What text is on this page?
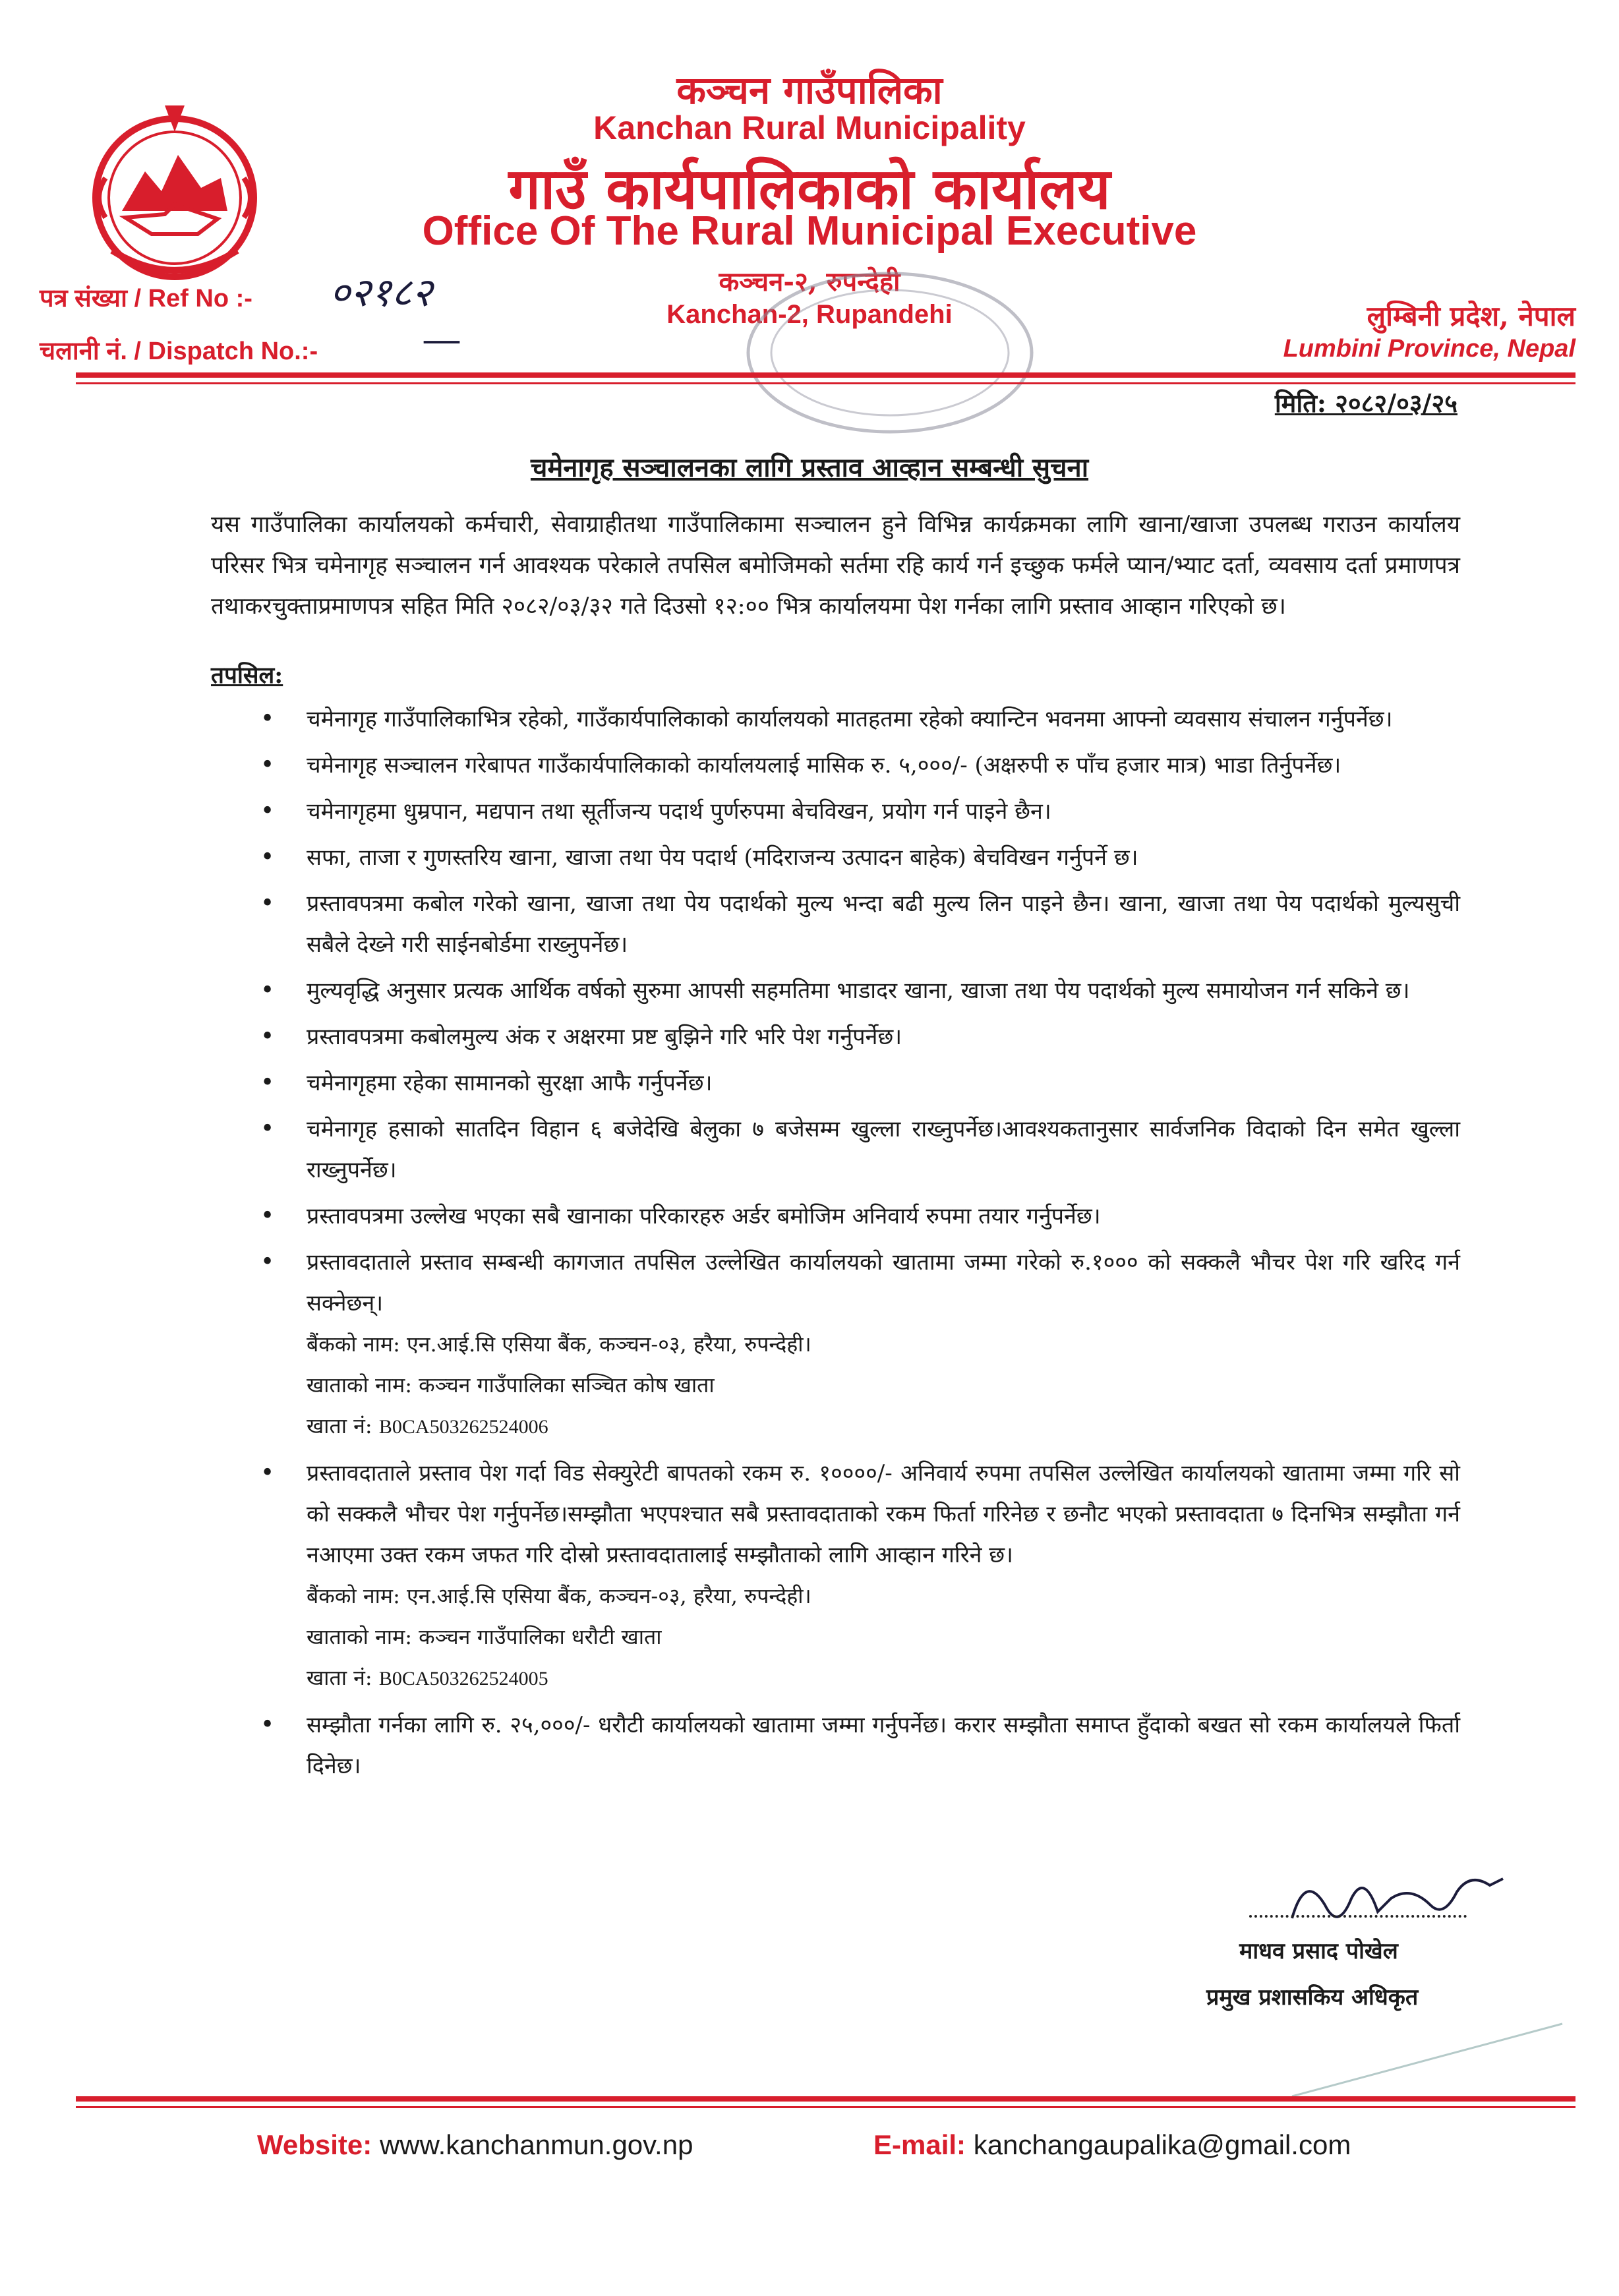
कञ्चन गाउँपालिका
Kanchan Rural Municipality
गाउँ कार्यपालिकाको कार्यालय
Office Of The Rural Municipal Executive
कञ्चन-२, रुपन्देही
Kanchan-2, Rupandehi
पत्र संख्या / Ref No :- ०२१८२
चलानी नं. / Dispatch No.:-	—
लुम्बिनी प्रदेश, नेपाल
Lumbini Province, Nepal
मिति: २०८२/०३/२५
चमेनागृह सञ्चालनका लागि प्रस्ताव आव्हान सम्बन्धी सुचना
यस गाउँपालिका कार्यालयको कर्मचारी, सेवाग्राहीतथा गाउँपालिकामा सञ्चालन हुने विभिन्न कार्यक्रमका लागि खाना/खाजा उपलब्ध गराउन कार्यालय परिसर भित्र चमेनागृह सञ्चालन गर्न आवश्यक परेकाले तपसिल बमोजिमको सर्तमा रहि कार्य गर्न इच्छुक फर्मले प्यान/भ्याट दर्ता, व्यवसाय दर्ता प्रमाणपत्र तथाकरचुक्ताप्रमाणपत्र सहित मिति २०८२/०३/३२ गते दिउसो १२:०० भित्र कार्यालयमा पेश गर्नका लागि प्रस्ताव आव्हान गरिएको छ।
तपसिल:
• चमेनागृह गाउँपालिकाभित्र रहेको, गाउँकार्यपालिकाको कार्यालयको मातहतमा रहेको क्यान्टिन भवनमा आफ्नो व्यवसाय संचालन गर्नुपर्नेछ।
• चमेनागृह सञ्चालन गरेबापत गाउँकार्यपालिकाको कार्यालयलाई मासिक रु. ५,०००/- (अक्षरुपी रु पाँच हजार मात्र) भाडा तिर्नुपर्नेछ।
• चमेनागृहमा धुम्रपान, मद्यपान तथा सूर्तीजन्य पदार्थ पुर्णरुपमा बेचविखन, प्रयोग गर्न पाइने छैन।
• सफा, ताजा र गुणस्तरिय खाना, खाजा तथा पेय पदार्थ (मदिराजन्य उत्पादन बाहेक) बेचविखन गर्नुपर्ने छ।
• प्रस्तावपत्रमा कबोल गरेको खाना, खाजा तथा पेय पदार्थको मुल्य भन्दा बढी मुल्य लिन पाइने छैन। खाना, खाजा तथा पेय पदार्थको मुल्यसुची सबैले देख्ने गरी साईनबोर्डमा राख्नुपर्नेछ।
• मुल्यवृद्धि अनुसार प्रत्यक आर्थिक वर्षको सुरुमा आपसी सहमतिमा भाडादर खाना, खाजा तथा पेय पदार्थको मुल्य समायोजन गर्न सकिने छ।
• प्रस्तावपत्रमा कबोलमुल्य अंक र अक्षरमा प्रष्ट बुझिने गरि भरि पेश गर्नुपर्नेछ।
• चमेनागृहमा रहेका सामानको सुरक्षा आफै गर्नुपर्नेछ।
• चमेनागृह हसाको सातदिन विहान ६ बजेदेखि बेलुका ७ बजेसम्म खुल्ला राख्नुपर्नेछ।आवश्यकतानुसार सार्वजनिक विदाको दिन समेत खुल्ला राख्नुपर्नेछ।
• प्रस्तावपत्रमा उल्लेख भएका सबै खानाका परिकारहरु अर्डर बमोजिम अनिवार्य रुपमा तयार गर्नुपर्नेछ।
• प्रस्तावदाताले प्रस्ताव सम्बन्धी कागजात तपसिल उल्लेखित कार्यालयको खातामा जम्मा गरेको रु.१००० को सक्कलै भौचर पेश गरि खरिद गर्न सक्नेछन्।
बैंकको नाम: एन.आई.सि एसिया बैंक, कञ्चन-०३, हरैया, रुपन्देही।
खाताको नाम: कञ्चन गाउँपालिका सञ्चित कोष खाता
खाता नं: B0CA503262524006
• प्रस्तावदाताले प्रस्ताव पेश गर्दा विड सेक्युरेटी बापतको रकम रु. १००००/- अनिवार्य रुपमा तपसिल उल्लेखित कार्यालयको खातामा जम्मा गरि सो को सक्कलै भौचर पेश गर्नुपर्नेछ।सम्झौता भएपश्चात सबै प्रस्तावदाताको रकम फिर्ता गरिनेछ र छनौट भएको प्रस्तावदाता ७ दिनभित्र सम्झौता गर्न नआएमा उक्त रकम जफत गरि दोस्रो प्रस्तावदातालाई सम्झौताको लागि आव्हान गरिने छ।
बैंकको नाम: एन.आई.सि एसिया बैंक, कञ्चन-०३, हरैया, रुपन्देही।
खाताको नाम: कञ्चन गाउँपालिका धरौटी खाता
खाता नं: B0CA503262524005
• सम्झौता गर्नका लागि रु. २५,०००/- धरौटी कार्यालयको खातामा जम्मा गर्नुपर्नेछ। करार सम्झौता समाप्त हुँदाको बखत सो रकम कार्यालयले फिर्ता दिनेछ।
माधव प्रसाद पोखेल
प्रमुख प्रशासकिय अधिकृत
Website: www.kanchanmun.gov.np	E-mail: kanchangaupalika@gmail.com
